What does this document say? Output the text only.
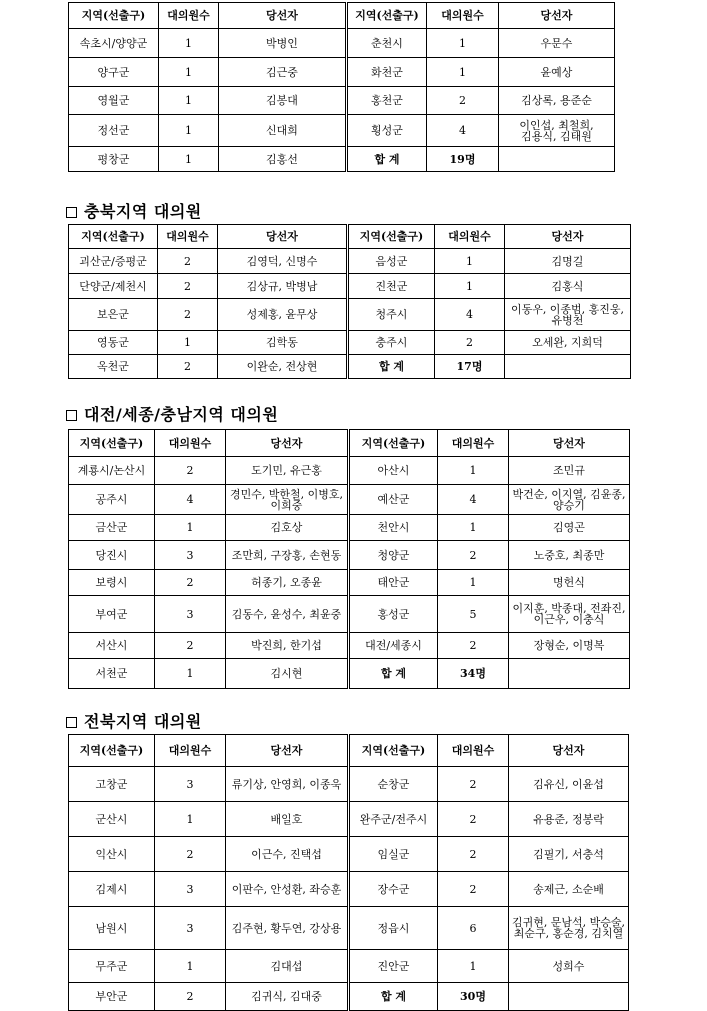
충북지역 대의원
대전/세종/충남지역 대의원
전북지역 대의원
지역(선출구)	대의원수	당선자	지역(선출구)	대의원수	당선자
속초시/양양군	1	박병인	춘천시	1	우문수
양구군	1	김근중	화천군	1	윤예상
영월군	1	김봉대	홍천군	2	김상록, 용준순
정선군	1	신대희	횡성군	4	이인섭, 최철희, 김용식, 김태원
평창군	1	김홍선	합 계	19명	
지역(선출구)	대의원수	당선자	지역(선출구)	대의원수	당선자
괴산군/증평군	2	김영덕, 신명수	음성군	1	김명길
단양군/제천시	2	김상규, 박병남	진천군	1	김홍식
보은군	2	성제홍, 윤무상	청주시	4	이동우, 이종범, 홍진웅, 유병천
영동군	1	김학동	충주시	2	오세완, 지희덕
옥천군	2	이완순, 전상현	합 계	17명	
지역(선출구)	대의원수	당선자	지역(선출구)	대의원수	당선자
계룡시/논산시	2	도기민, 유근홍	아산시	1	조민규
공주시	4	경민수, 박한철, 이병호, 이희중	예산군	4	박건순, 이지열, 김윤종, 양승기
금산군	1	김호상	천안시	1	김영곤
당진시	3	조만희, 구장홍, 손현동	청양군	2	노중호, 최종만
보령시	2	허종기, 오종윤	태안군	1	명헌식
부여군	3	김동수, 윤성수, 최윤중	홍성군	5	이지훈, 박종대, 전좌진, 이근우, 이충식
서산시	2	박진희, 한기섭	대전/세종시	2	장형순, 이명복
서천군	1	김시현	합 계	34명	
지역(선출구)	대의원수	당선자	지역(선출구)	대의원수	당선자
고창군	3	류기상, 안영희, 이종욱	순창군	2	김유신, 이윤섭
군산시	1	배일호	완주군/전주시	2	유용준, 정봉락
익산시	2	이근수, 진택섭	임실군	2	김필기, 서충석
김제시	3	이판수, 안성환, 좌승훈	장수군	2	송제근, 소순배
남원시	3	김주현, 황두연, 강상용	정읍시	6	김귀현, 문남석, 박승술, 최순구, 홍순경, 김치열
무주군	1	김대섭	진안군	1	성희수
부안군	2	김귀식, 김대중	합 계	30명	
